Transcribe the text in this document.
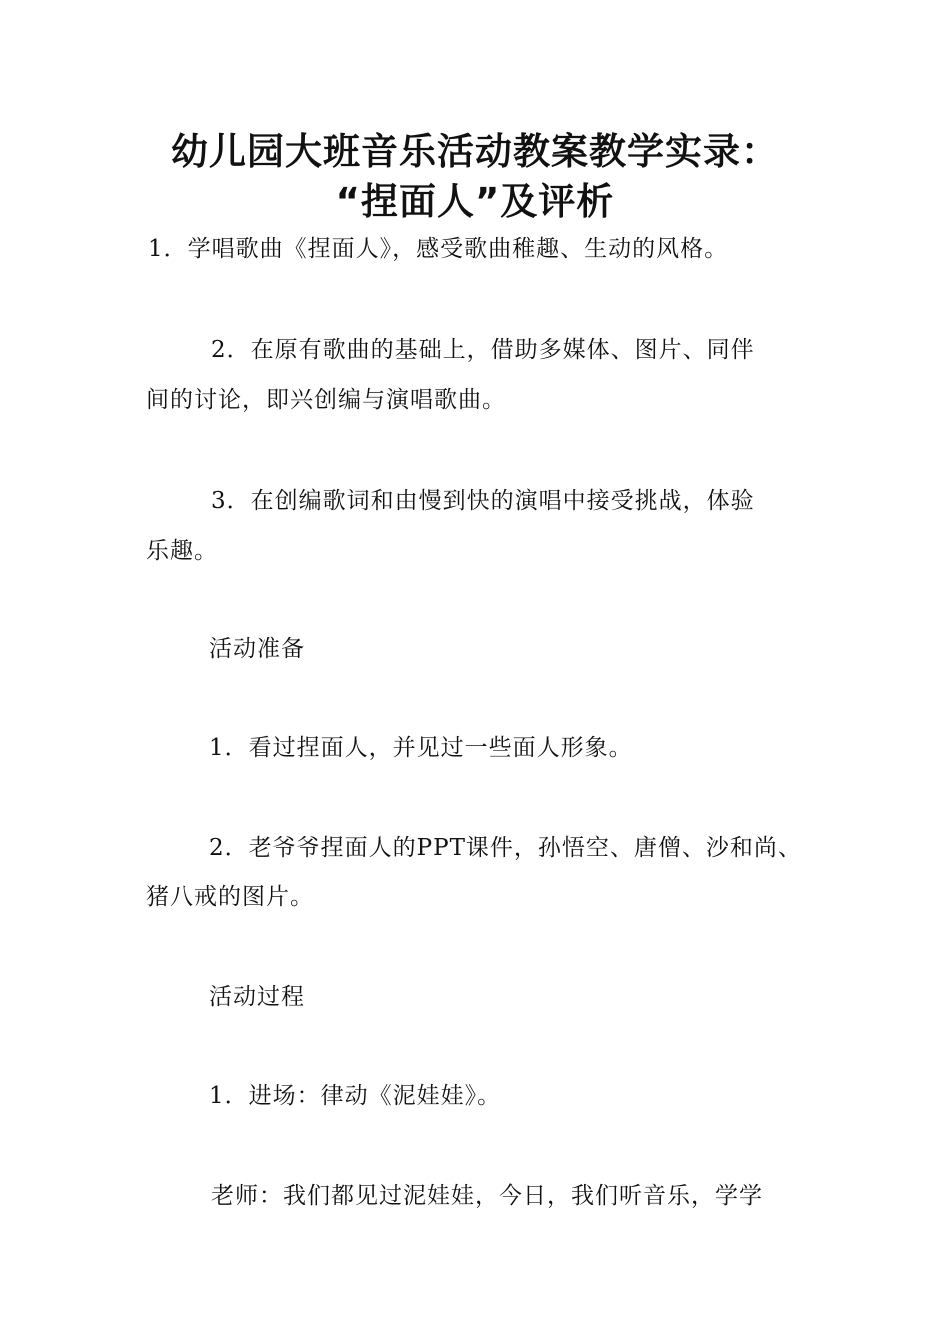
幼儿园大班音乐活动教案教学实录：
“捏面人”及评析

1．学唱歌曲《捏面人》，感受歌曲稚趣、生动的风格。

2．在原有歌曲的基础上，借助多媒体、图片、同伴

间的讨论，即兴创编与演唱歌曲。

3．在创编歌词和由慢到快的演唱中接受挑战，体验

乐趣。

活动准备

1．看过捏面人，并见过一些面人形象。

2．老爷爷捏面人的PPT课件，孙悟空、唐僧、沙和尚、

猪八戒的图片。

活动过程

1．进场：律动《泥娃娃》。

老师：我们都见过泥娃娃，今日，我们听音乐，学学
